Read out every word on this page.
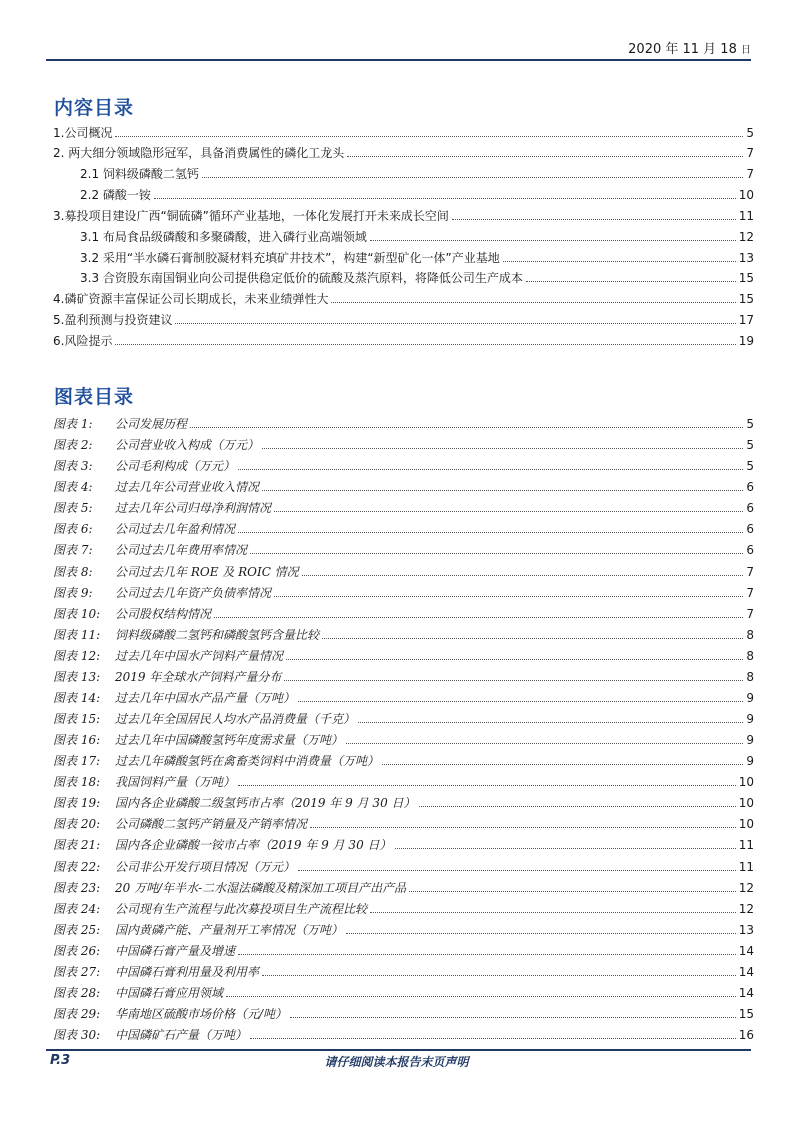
2020 年 11 月 18 日
内容目录
1.公司概况	5
2. 两大细分领域隐形冠军，具备消费属性的磷化工龙头	7
2.1 饲料级磷酸二氢钙	7
2.2 磷酸一铵	10
3.募投项目建设广西“铜硫磷”循环产业基地，一体化发展打开未来成长空间	11
3.1 布局食品级磷酸和多聚磷酸，进入磷行业高端领域	12
3.2 采用“半水磷石膏制胶凝材料充填矿井技术”，构建“新型矿化一体”产业基地	13
3.3 合资股东南国铜业向公司提供稳定低价的硫酸及蒸汽原料，将降低公司生产成本	15
4.磷矿资源丰富保证公司长期成长，未来业绩弹性大	15
5.盈利预测与投资建议	17
6.风险提示	19
图表目录
图表 1:	公司发展历程	5
图表 2:	公司营业收入构成（万元）	5
图表 3:	公司毛利构成（万元）	5
图表 4:	过去几年公司营业收入情况	6
图表 5:	过去几年公司归母净利润情况	6
图表 6:	公司过去几年盈利情况	6
图表 7:	公司过去几年费用率情况	6
图表 8:	公司过去几年 ROE 及 ROIC 情况	7
图表 9:	公司过去几年资产负债率情况	7
图表 10:	公司股权结构情况	7
图表 11:	饲料级磷酸二氢钙和磷酸氢钙含量比较	8
图表 12:	过去几年中国水产饲料产量情况	8
图表 13:	2019 年全球水产饲料产量分布	8
图表 14:	过去几年中国水产品产量（万吨）	9
图表 15:	过去几年全国居民人均水产品消费量（千克）	9
图表 16:	过去几年中国磷酸氢钙年度需求量（万吨）	9
图表 17:	过去几年磷酸氢钙在禽畜类饲料中消费量（万吨）	9
图表 18:	我国饲料产量（万吨）	10
图表 19:	国内各企业磷酸二级氢钙市占率（2019 年 9 月 30 日）	10
图表 20:	公司磷酸二氢钙产销量及产销率情况	10
图表 21:	国内各企业磷酸一铵市占率（2019 年 9 月 30 日）	11
图表 22:	公司非公开发行项目情况（万元）	11
图表 23:	20 万吨/年半水-二水湿法磷酸及精深加工项目产出产品	12
图表 24:	公司现有生产流程与此次募投项目生产流程比较	12
图表 25:	国内黄磷产能、产量剂开工率情况（万吨）	13
图表 26:	中国磷石膏产量及增速	14
图表 27:	中国磷石膏利用量及利用率	14
图表 28:	中国磷石膏应用领域	14
图表 29:	华南地区硫酸市场价格（元/吨）	15
图表 30:	中国磷矿石产量（万吨）	16
P.3	请仔细阅读本报告末页声明
